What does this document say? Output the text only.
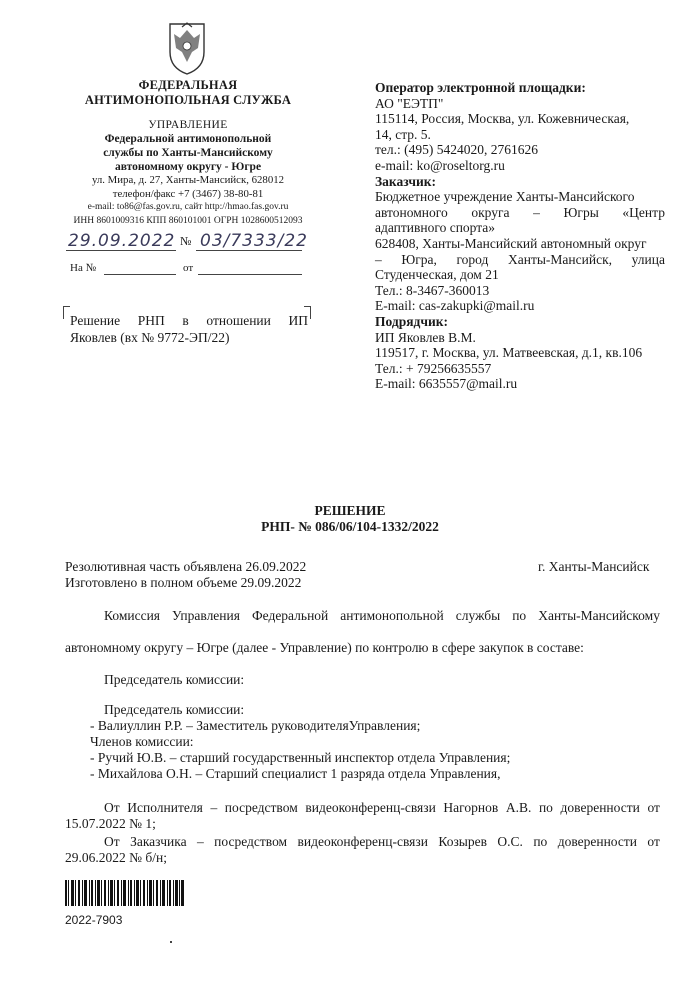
ФЕДЕРАЛЬНАЯ
АНТИМОНОПОЛЬНАЯ СЛУЖБА
УПРАВЛЕНИЕ
Федеральной антимонопольной
службы по Ханты-Мансийскому
автономному округу - Югре
ул. Мира, д. 27, Ханты-Мансийск, 628012
телефон/факс +7 (3467) 38-80-81
e-mail: to86@fas.gov.ru, сайт http://hmao.fas.gov.ru
ИНН 8601009316 КПП 860101001 ОГРН 1028600512093
29.09.2022 № 03/7333/22
На №	от
Решение РНП в отношении ИП
Яковлев (вх № 9772-ЭП/22)
Оператор электронной площадки:
АО "ЕЭТП"
115114, Россия, Москва, ул. Кожевническая,
14, стр. 5.
тел.: (495) 5424020, 2761626
e-mail: ko@roseltorg.ru
Заказчик:
Бюджетное учреждение Ханты-Мансийского
автономного округа – Югры «Центр
адаптивного спорта»
628408, Ханты-Мансийский автономный округ
– Югра, город Ханты-Мансийск, улица
Студенческая, дом 21
Тел.: 8-3467-360013
E-mail: cas-zakupki@mail.ru
Подрядчик:
ИП Яковлев В.М.
119517, г. Москва, ул. Матвеевская, д.1, кв.106
Тел.: + 79256635557
E-mail: 6635557@mail.ru
РЕШЕНИЕ
РНП- № 086/06/104-1332/2022
Резолютивная часть объявлена 26.09.2022
Изготовлено в полном объеме 29.09.2022
г. Ханты-Мансийск
Комиссия Управления Федеральной антимонопольной службы по Ханты-Мансийскому
автономному округу – Югре (далее - Управление) по контролю в сфере закупок в составе:
Председатель комиссии:
Председатель комиссии:
- Валиуллин Р.Р. – Заместитель руководителяУправления;
Членов комиссии:
- Ручий Ю.В. – старший государственный инспектор отдела Управления;
- Михайлова О.Н. – Старший специалист 1 разряда отдела Управления,
От Исполнителя – посредством видеоконференц-связи Нагорнов А.В. по доверенности от
15.07.2022 № 1;
От Заказчика – посредством видеоконференц-связи Козырев О.С. по доверенности от
29.06.2022 № б/н;
2022-7903
